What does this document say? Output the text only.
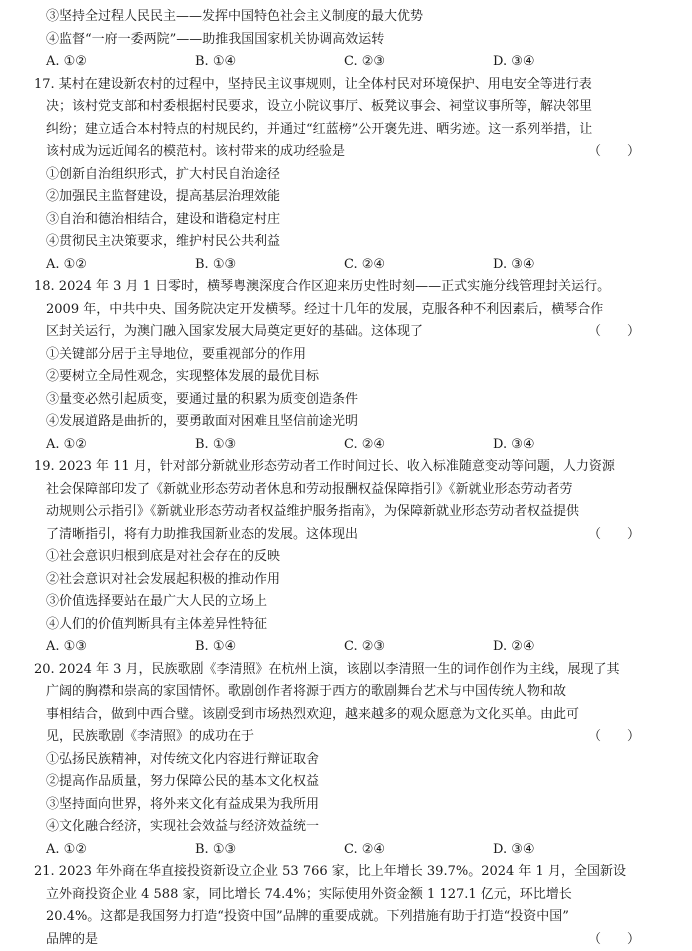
③坚持全过程人民民主——发挥中国特色社会主义制度的最大优势
④监督“一府一委两院”——助推我国国家机关协调高效运转
A. ①②	B. ①④	C. ②③	D. ③④
17. 某村在建设新农村的过程中，坚持民主议事规则，让全体村民对环境保护、用电安全等进行表
决；该村党支部和村委根据村民要求，设立小院议事厅、板凳议事会、祠堂议事所等，解决邻里
纠纷；建立适合本村特点的村规民约，并通过“红蓝榜”公开褒先进、晒劣迹。这一系列举措，让
该村成为远近闻名的模范村。该村带来的成功经验是	（　　）
①创新自治组织形式，扩大村民自治途径
②加强民主监督建设，提高基层治理效能
③自治和德治相结合，建设和谐稳定村庄
④贯彻民主决策要求，维护村民公共利益
A. ①②	B. ①③	C. ②④	D. ③④
18. 2024 年 3 月 1 日零时，横琴粤澳深度合作区迎来历史性时刻——正式实施分线管理封关运行。
2009 年，中共中央、国务院决定开发横琴。经过十几年的发展，克服各种不利因素后，横琴合作
区封关运行，为澳门融入国家发展大局奠定更好的基础。这体现了	（　　）
①关键部分居于主导地位，要重视部分的作用
②要树立全局性观念，实现整体发展的最优目标
③量变必然引起质变，要通过量的积累为质变创造条件
④发展道路是曲折的，要勇敢面对困难且坚信前途光明
A. ①②	B. ①③	C. ②④	D. ③④
19. 2023 年 11 月，针对部分新就业形态劳动者工作时间过长、收入标准随意变动等问题，人力资源
社会保障部印发了《新就业形态劳动者休息和劳动报酬权益保障指引》《新就业形态劳动者劳
动规则公示指引》《新就业形态劳动者权益维护服务指南》，为保障新就业形态劳动者权益提供
了清晰指引，将有力助推我国新业态的发展。这体现出	（　　）
①社会意识归根到底是对社会存在的反映
②社会意识对社会发展起积极的推动作用
③价值选择要站在最广大人民的立场上
④人们的价值判断具有主体差异性特征
A. ①③	B. ①④	C. ②③	D. ②④
20. 2024 年 3 月，民族歌剧《李清照》在杭州上演，该剧以李清照一生的词作创作为主线，展现了其
广阔的胸襟和崇高的家国情怀。歌剧创作者将源于西方的歌剧舞台艺术与中国传统人物和故
事相结合，做到中西合璧。该剧受到市场热烈欢迎，越来越多的观众愿意为文化买单。由此可
见，民族歌剧《李清照》的成功在于	（　　）
①弘扬民族精神，对传统文化内容进行辩证取舍
②提高作品质量，努力保障公民的基本文化权益
③坚持面向世界，将外来文化有益成果为我所用
④文化融合经济，实现社会效益与经济效益统一
A. ①②	B. ①③	C. ②④	D. ③④
21. 2023 年外商在华直接投资新设立企业 53 766 家，比上年增长 39.7%。2024 年 1 月，全国新设
立外商投资企业 4 588 家，同比增长 74.4%；实际使用外资金额 1 127.1 亿元，环比增长
20.4%。这都是我国努力打造“投资中国”品牌的重要成就。下列措施有助于打造“投资中国”
品牌的是	（　　）
